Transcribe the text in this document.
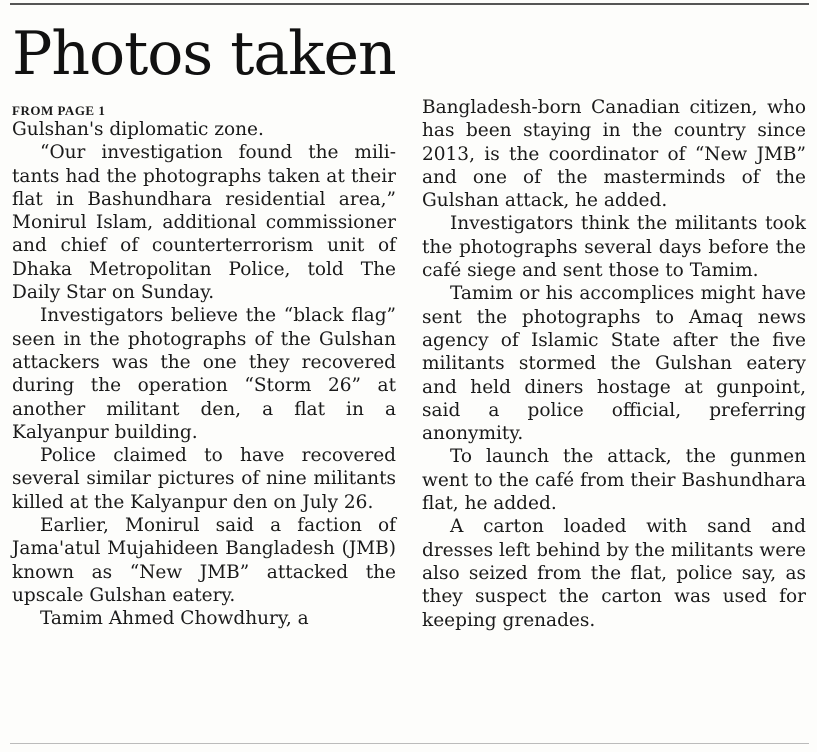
Photos taken
FROM PAGE 1

Gulshan's diplomatic zone.

“Our investigation found the militants had the photographs taken at their flat in Bashundhara residential area,” Monirul Islam, additional commissioner and chief of counterterrorism unit of Dhaka Metropolitan Police, told The Daily Star on Sunday.

Investigators believe the “black flag” seen in the photographs of the Gulshan attackers was the one they recovered during the operation “Storm 26” at another militant den, a flat in a Kalyanpur building.

Police claimed to have recovered several similar pictures of nine militants killed at the Kalyanpur den on July 26.

Earlier, Monirul said a faction of Jama'atul Mujahideen Bangladesh (JMB) known as “New JMB” attacked the upscale Gulshan eatery.

Tamim Ahmed Chowdhury, a

Bangladesh-born Canadian citizen, who has been staying in the country since 2013, is the coordinator of “New JMB” and one of the masterminds of the Gulshan attack, he added.

Investigators think the militants took the photographs several days before the café siege and sent those to Tamim.

Tamim or his accomplices might have sent the photographs to Amaq news agency of Islamic State after the five militants stormed the Gulshan eatery and held diners hostage at gunpoint, said a police official, preferring anonymity.

To launch the attack, the gunmen went to the café from their Bashundhara flat, he added.

A carton loaded with sand and dresses left behind by the militants were also seized from the flat, police say, as they suspect the carton was used for keeping grenades.
